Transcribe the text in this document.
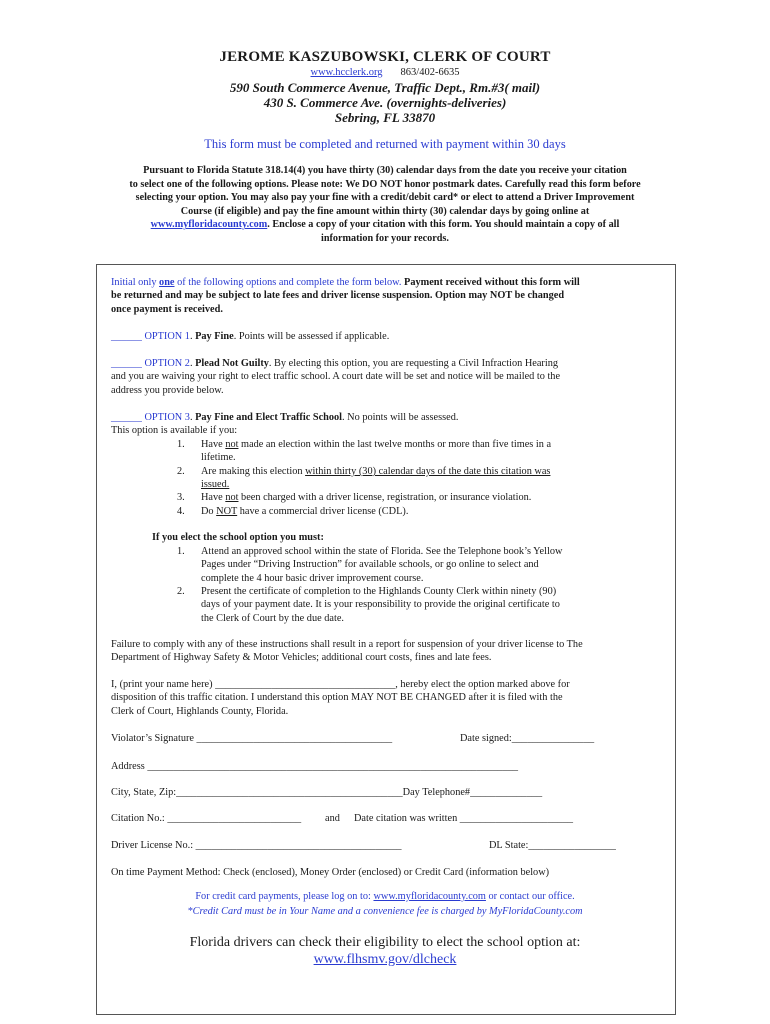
JEROME KASZUBOWSKI, CLERK OF COURT
www.hcclerk.org 863/402-6635
590 South Commerce Avenue, Traffic Dept., Rm.#3( mail)
430 S. Commerce Ave. (overnights-deliveries)
Sebring, FL 33870
This form must be completed and returned with payment within 30 days
Pursuant to Florida Statute 318.14(4) you have thirty (30) calendar days from the date you receive your citation
to select one of the following options. Please note: We DO NOT honor postmark dates. Carefully read this form before
selecting your option. You may also pay your fine with a credit/debit card* or elect to attend a Driver Improvement
Course (if eligible) and pay the fine amount within thirty (30) calendar days by going online at
www.myfloridacounty.com. Enclose a copy of your citation with this form. You should maintain a copy of all
information for your records.
Initial only one of the following options and complete the form below. Payment received without this form will
be returned and may be subject to late fees and driver license suspension. Option may NOT be changed
once payment is received.
______ OPTION 1. Pay Fine. Points will be assessed if applicable.
______ OPTION 2. Plead Not Guilty. By electing this option, you are requesting a Civil Infraction Hearing
and you are waiving your right to elect traffic school. A court date will be set and notice will be mailed to the
address you provide below.
______ OPTION 3. Pay Fine and Elect Traffic School. No points will be assessed.
This option is available if you:
1. Have not made an election within the last twelve months or more than five times in a
lifetime.
2. Are making this election within thirty (30) calendar days of the date this citation was
issued.
3. Have not been charged with a driver license, registration, or insurance violation.
4. Do NOT have a commercial driver license (CDL).
If you elect the school option you must:
1. Attend an approved school within the state of Florida. See the Telephone book’s Yellow
Pages under “Driving Instruction” for available schools, or go online to select and
complete the 4 hour basic driver improvement course.
2. Present the certificate of completion to the Highlands County Clerk within ninety (90)
days of your payment date. It is your responsibility to provide the original certificate to
the Clerk of Court by the due date.
Failure to comply with any of these instructions shall result in a report for suspension of your driver license to The
Department of Highway Safety & Motor Vehicles; additional court costs, fines and late fees.
I, (print your name here) ___________________________________, hereby elect the option marked above for
disposition of this traffic citation. I understand this option MAY NOT BE CHANGED after it is filed with the
Clerk of Court, Highlands County, Florida.
Violator’s Signature ______________________________________	Date signed:________________
Address ________________________________________________________________________
City, State, Zip:____________________________________________Day Telephone#______________
Citation No.: __________________________ and Date citation was written ______________________
Driver License No.: ________________________________________	DL State:_________________
On time Payment Method: Check (enclosed), Money Order (enclosed) or Credit Card (information below)
For credit card payments, please log on to: www.myfloridacounty.com or contact our office.
*Credit Card must be in Your Name and a convenience fee is charged by MyFloridaCounty.com
Florida drivers can check their eligibility to elect the school option at:
www.flhsmv.gov/dlcheck
